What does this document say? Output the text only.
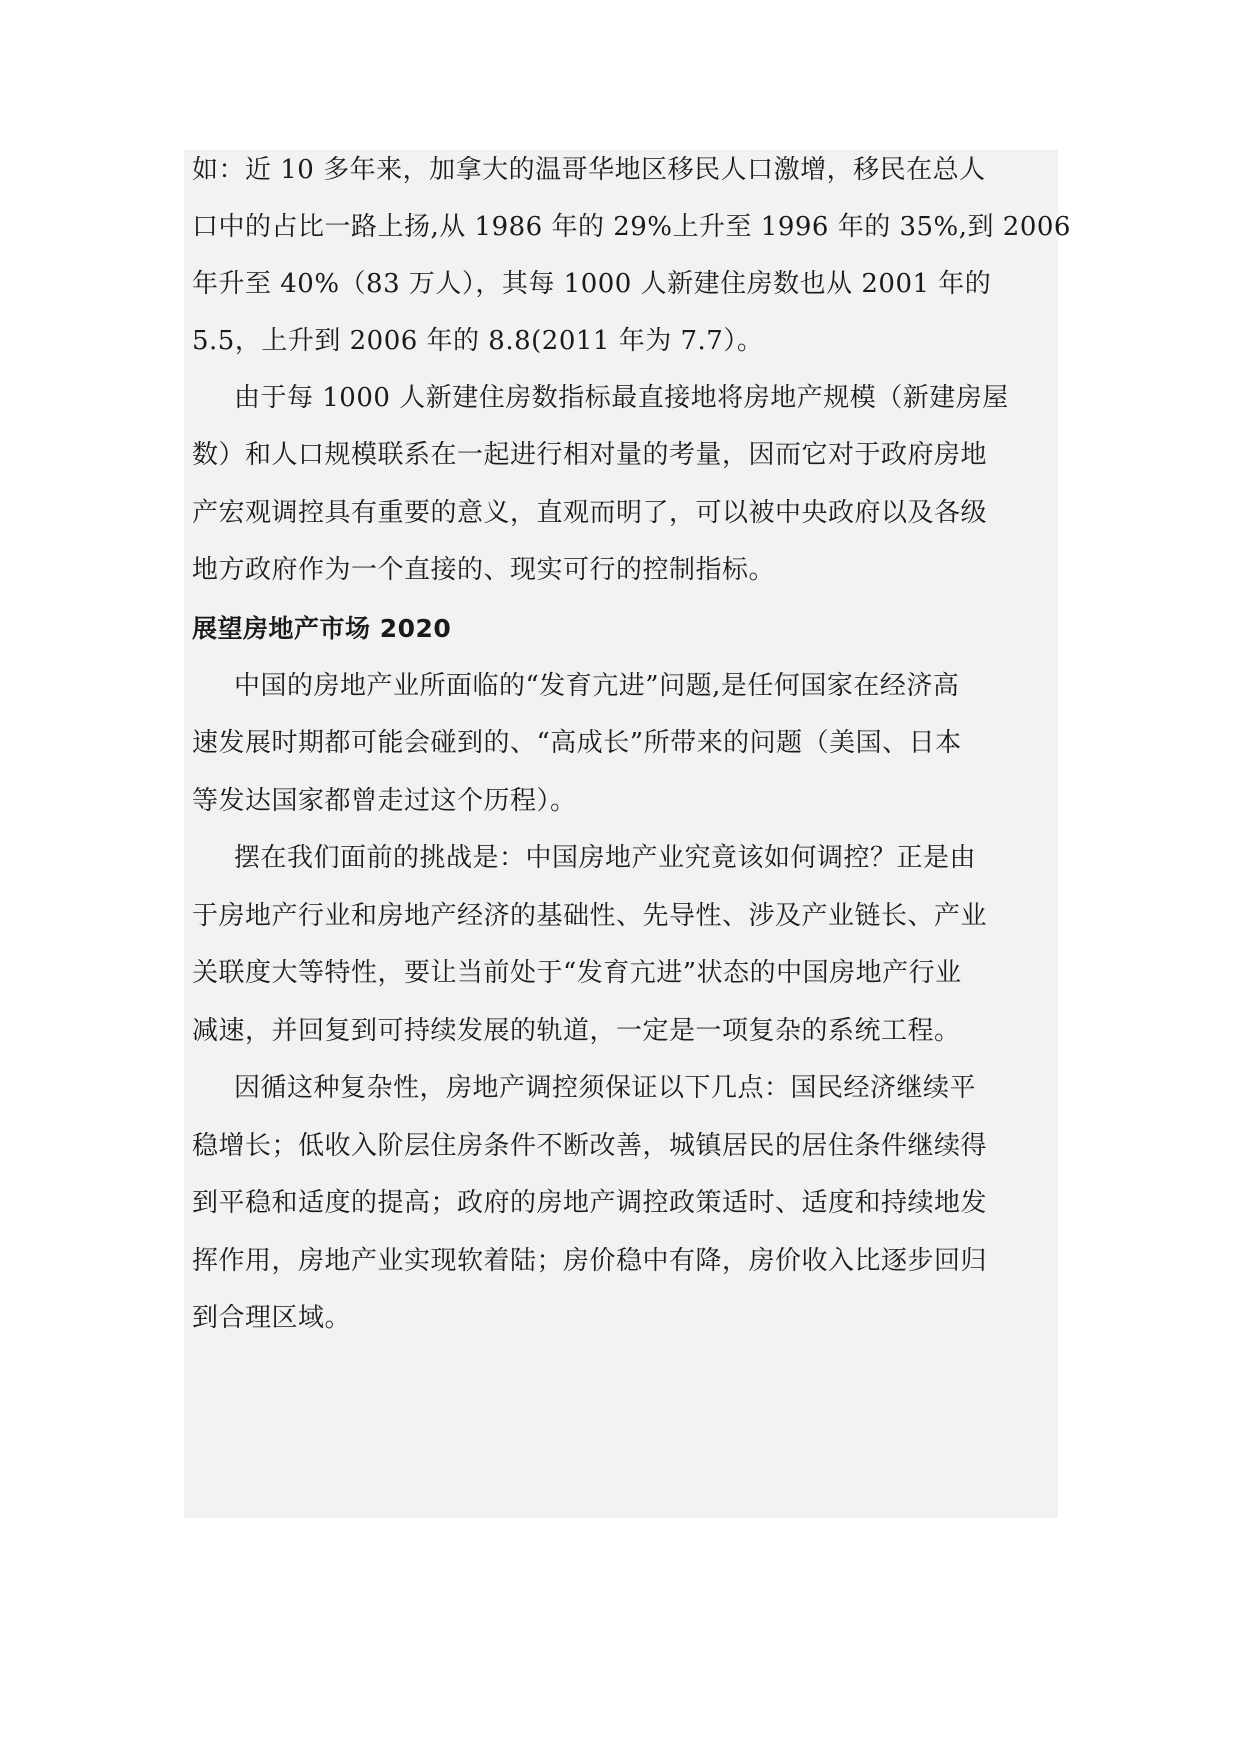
如：近 10 多年来，加拿大的温哥华地区移民人口激增，移民在总人

口中的占比一路上扬,从 1986 年的 29%上升至 1996 年的 35%,到 2006

年升至 40%（83 万人），其每 1000 人新建住房数也从 2001 年的

5.5，上升到 2006 年的 8.8(2011 年为 7.7）。

由于每 1000 人新建住房数指标最直接地将房地产规模（新建房屋

数）和人口规模联系在一起进行相对量的考量，因而它对于政府房地

产宏观调控具有重要的意义，直观而明了，可以被中央政府以及各级

地方政府作为一个直接的、现实可行的控制指标。

展望房地产市场 2020

中国的房地产业所面临的“发育亢进”问题,是任何国家在经济高

速发展时期都可能会碰到的、“高成长”所带来的问题（美国、日本

等发达国家都曾走过这个历程）。

摆在我们面前的挑战是：中国房地产业究竟该如何调控？正是由

于房地产行业和房地产经济的基础性、先导性、涉及产业链长、产业

关联度大等特性，要让当前处于“发育亢进”状态的中国房地产行业

减速，并回复到可持续发展的轨道，一定是一项复杂的系统工程。

因循这种复杂性，房地产调控须保证以下几点：国民经济继续平

稳增长；低收入阶层住房条件不断改善，城镇居民的居住条件继续得

到平稳和适度的提高；政府的房地产调控政策适时、适度和持续地发

挥作用，房地产业实现软着陆；房价稳中有降，房价收入比逐步回归

到合理区域。
